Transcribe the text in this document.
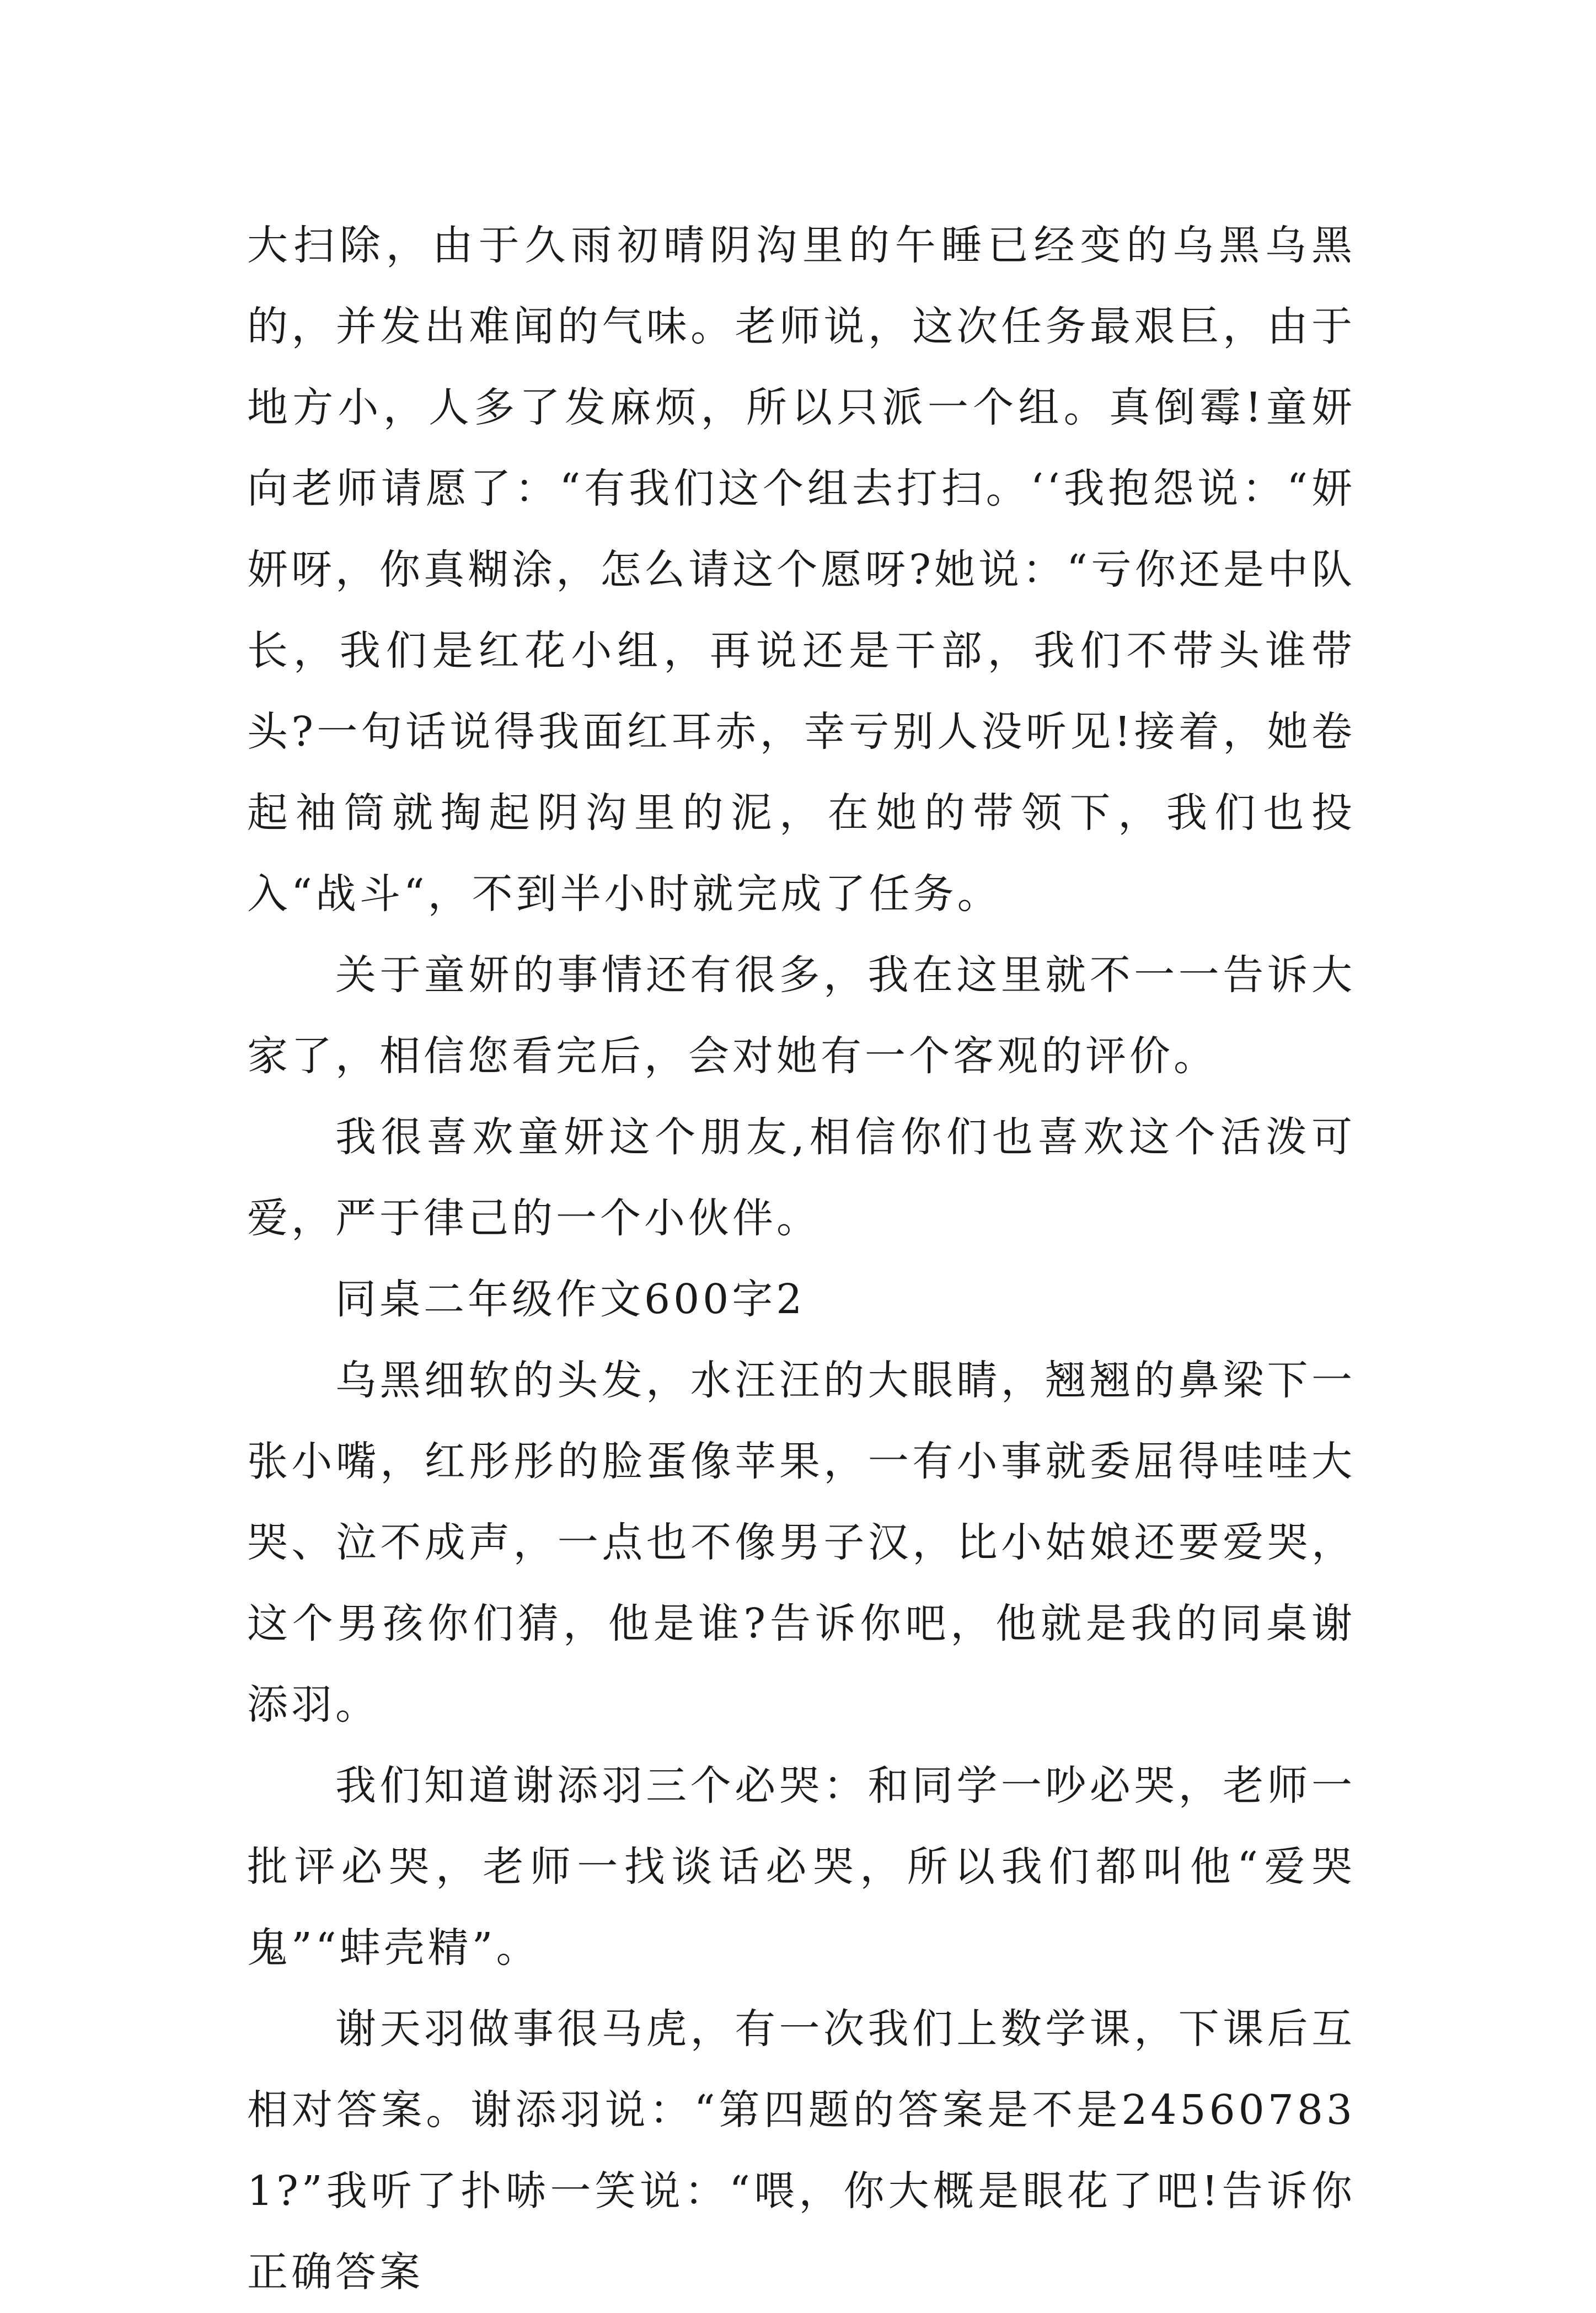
大扫除，由于久雨初晴阴沟里的午睡已经变的乌黑乌黑的，并发出难闻的气味。老师说，这次任务最艰巨，由于地方小，人多了发麻烦，所以只派一个组。真倒霉!童妍向老师请愿了：“有我们这个组去打扫。‘‘我抱怨说：“妍妍呀，你真糊涂，怎么请这个愿呀?她说：“亏你还是中队长，我们是红花小组，再说还是干部，我们不带头谁带头?一句话说得我面红耳赤，幸亏别人没听见!接着，她卷起袖筒就掏起阴沟里的泥，在她的带领下，我们也投入“战斗“，不到半小时就完成了任务。

关于童妍的事情还有很多，我在这里就不一一告诉大家了，相信您看完后，会对她有一个客观的评价。

我很喜欢童妍这个朋友,相信你们也喜欢这个活泼可爱，严于律己的一个小伙伴。

同桌二年级作文600字2

乌黑细软的头发，水汪汪的大眼睛，翘翘的鼻梁下一张小嘴，红彤彤的脸蛋像苹果，一有小事就委屈得哇哇大哭、泣不成声，一点也不像男子汉，比小姑娘还要爱哭，这个男孩你们猜，他是谁?告诉你吧，他就是我的同桌谢添羽。

我们知道谢添羽三个必哭：和同学一吵必哭，老师一批评必哭，老师一找谈话必哭，所以我们都叫他“爱哭鬼”“蚌壳精”。

谢天羽做事很马虎，有一次我们上数学课，下课后互相对答案。谢添羽说：“第四题的答案是不是245607831?”我听了扑哧一笑说：“喂，你大概是眼花了吧!告诉你正确答案
